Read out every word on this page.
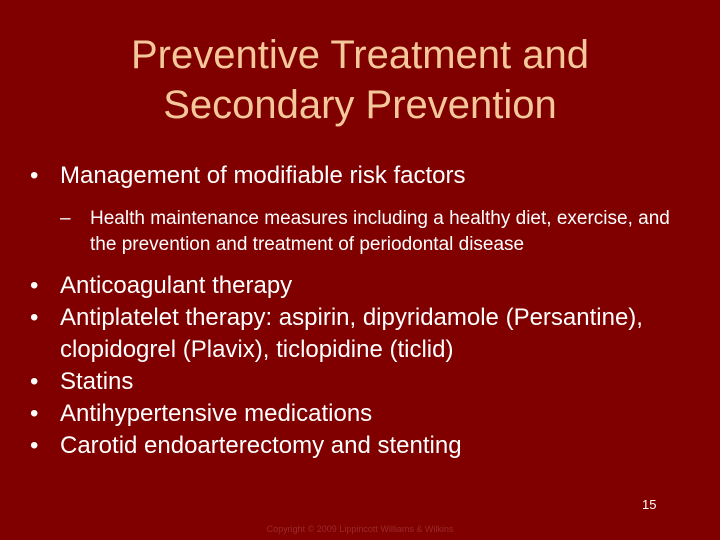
Preventive Treatment and
Secondary Prevention
• Management of modifiable risk factors
– Health maintenance measures including a healthy diet, exercise, and the prevention and treatment of periodontal disease
• Anticoagulant therapy
• Antiplatelet therapy: aspirin, dipyridamole (Persantine), clopidogrel (Plavix), ticlopidine (ticlid)
• Statins
• Antihypertensive medications
• Carotid endoarterectomy and stenting
15
Copyright © 2009 Lippincott Williams & Wilkins
